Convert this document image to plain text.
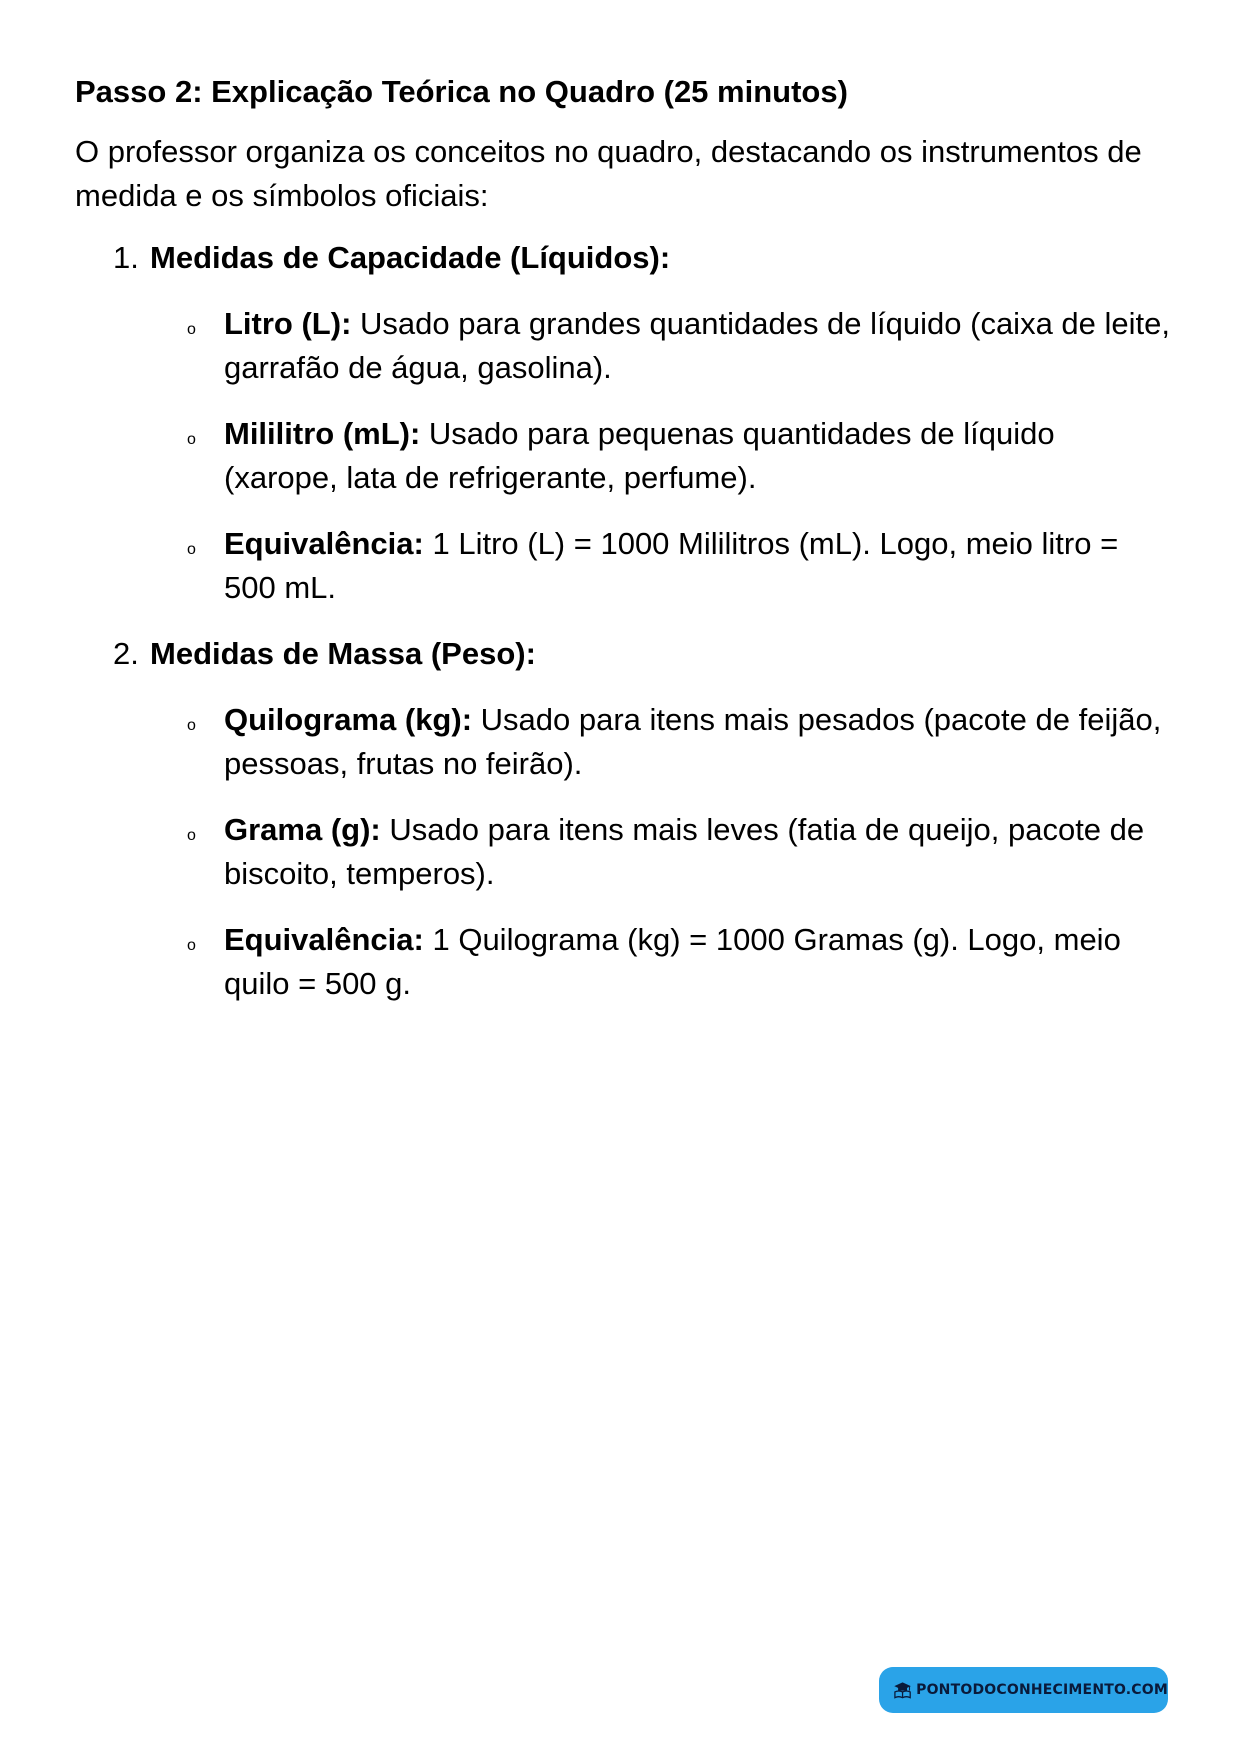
Passo 2: Explicação Teórica no Quadro (25 minutos)
O professor organiza os conceitos no quadro, destacando os instrumentos de medida e os símbolos oficiais:
1. Medidas de Capacidade (Líquidos):
o Litro (L): Usado para grandes quantidades de líquido (caixa de leite, garrafão de água, gasolina).
o Mililitro (mL): Usado para pequenas quantidades de líquido (xarope, lata de refrigerante, perfume).
o Equivalência: 1 Litro (L) = 1000 Mililitros (mL). Logo, meio litro = 500 mL.
2. Medidas de Massa (Peso):
o Quilograma (kg): Usado para itens mais pesados (pacote de feijão, pessoas, frutas no feirão).
o Grama (g): Usado para itens mais leves (fatia de queijo, pacote de biscoito, temperos).
o Equivalência: 1 Quilograma (kg) = 1000 Gramas (g). Logo, meio quilo = 500 g.
PONTODOCONHECIMENTO.COM
